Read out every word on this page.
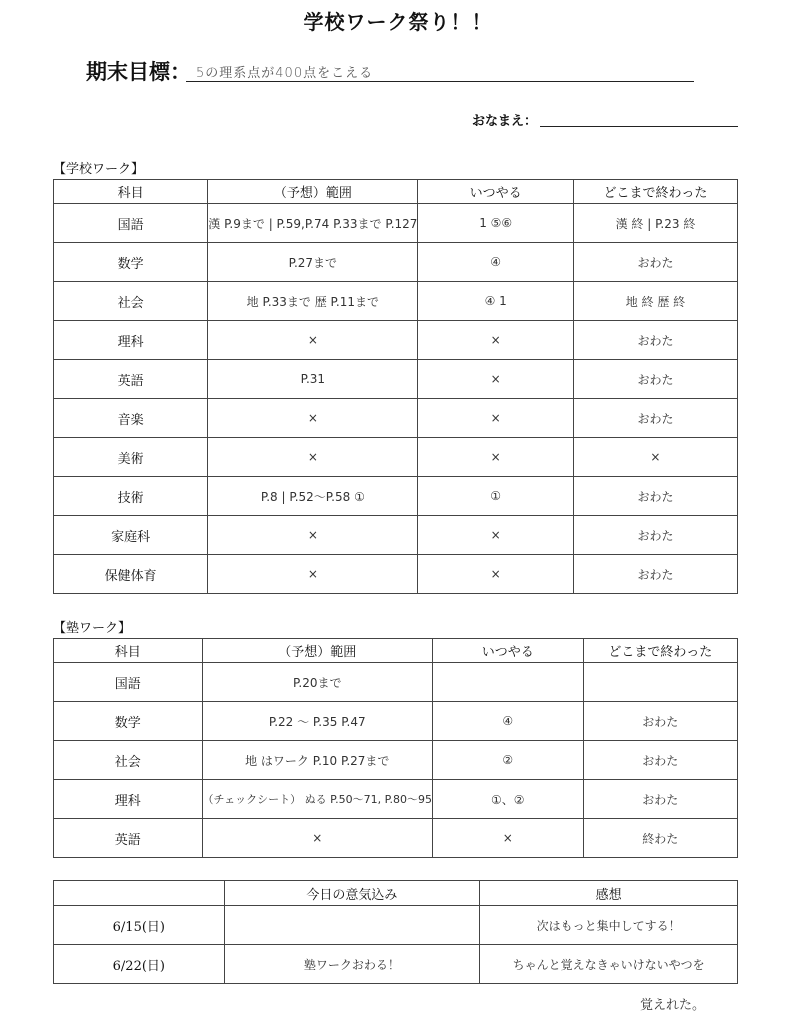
学校ワーク祭り！！
期末目標： 5の理系点が400点をこえる
おなまえ：
【学校ワーク】
科目	（予想）範囲	いつやる	どこまで終わった
国語	漢 P.9まで | P.59,P.74 P.33まで P.127	1 ⑤⑥	漢 終 | P.23 終
数学	P.27まで	④	おわた
社会	地 P.33まで 歴 P.11まで	④ 1	地 終 歴 終
理科	×	×	おわた
英語	P.31	×	おわた
音楽	×	×	おわた
美術	×	×	×
技術	P.8 | P.52～P.58 ①	①	おわた
家庭科	×	×	おわた
保健体育	×	×	おわた
【塾ワーク】
科目	（予想）範囲	いつやる	どこまで終わった
国語	P.20まで		
数学	P.22 ～ P.35 P.47	④	おわた
社会	地 はワーク P.10 P.27まで	②	おわた
理科	（チェックシート） ぬる P.50～71, P.80～95	①、②	おわた
英語	×	×	終わた
	今日の意気込み	感想
6/15(日)		次はもっと集中してする！
6/22(日)	塾ワークおわる！	ちゃんと覚えなきゃいけないやつを
覚えれた。
